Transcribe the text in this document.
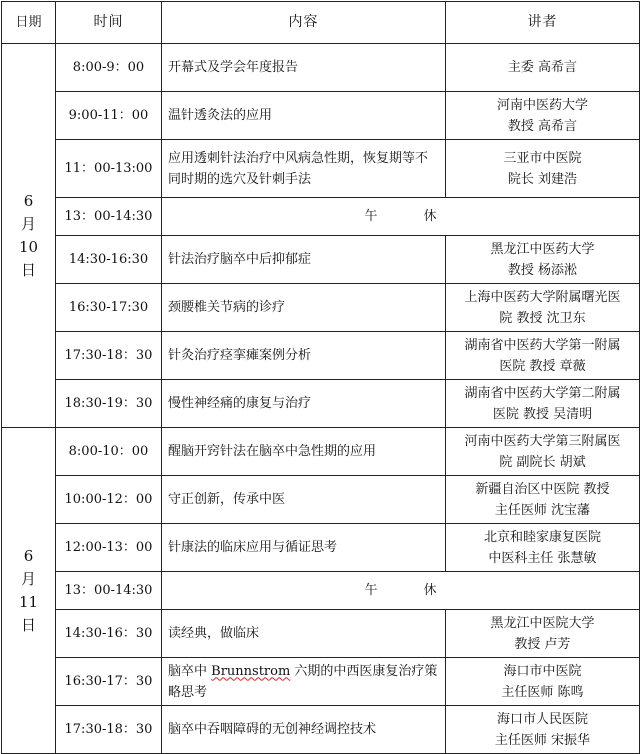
日期	时间	内容	讲者

6
月
10
日	8:00-9：00	开幕式及学会年度报告	主委 高希言

	9:00-11：00	温针透灸法的应用	河南中医药大学
教授 高希言

	11：00-13:00	应用透刺针法治疗中风病急性期，恢复期等不同时期的选穴及针刺手法	三亚市中医院
院长 刘建浩

	13：00-14:30	午 休	
	14:30-16:30	针法治疗脑卒中后抑郁症	黑龙江中医药大学
教授 杨添淞

	16:30-17:30	颈腰椎关节病的诊疗	上海中医药大学附属曙光医
院 教授 沈卫东

	17:30-18：30	针灸治疗痉挛瘫案例分析	湖南省中医药大学第一附属
医院 教授 章薇

	18:30-19：30	慢性神经痛的康复与治疗	湖南省中医药大学第二附属
医院 教授 吴清明

6
月
11
日	8:00-10：00	醒脑开窍针法在脑卒中急性期的应用	河南中医药大学第三附属医
院 副院长 胡斌

	10:00-12：00	守正创新，传承中医	新疆自治区中医院 教授
主任医师 沈宝藩

	12:00-13：00	针康法的临床应用与循证思考	北京和睦家康复医院
中医科主任 张慧敏

	13：00-14:30	午 休	
	14:30-16：30	读经典，做临床	黑龙江中医院大学
教授 卢芳

	16:30-17：30	脑卒中 Brunnstrom 六期的中西医康复治疗策略思考	海口市中医院
主任医师 陈鸣

	17:30-18：30	脑卒中吞咽障碍的无创神经调控技术	海口市人民医院
主任医师 宋振华
